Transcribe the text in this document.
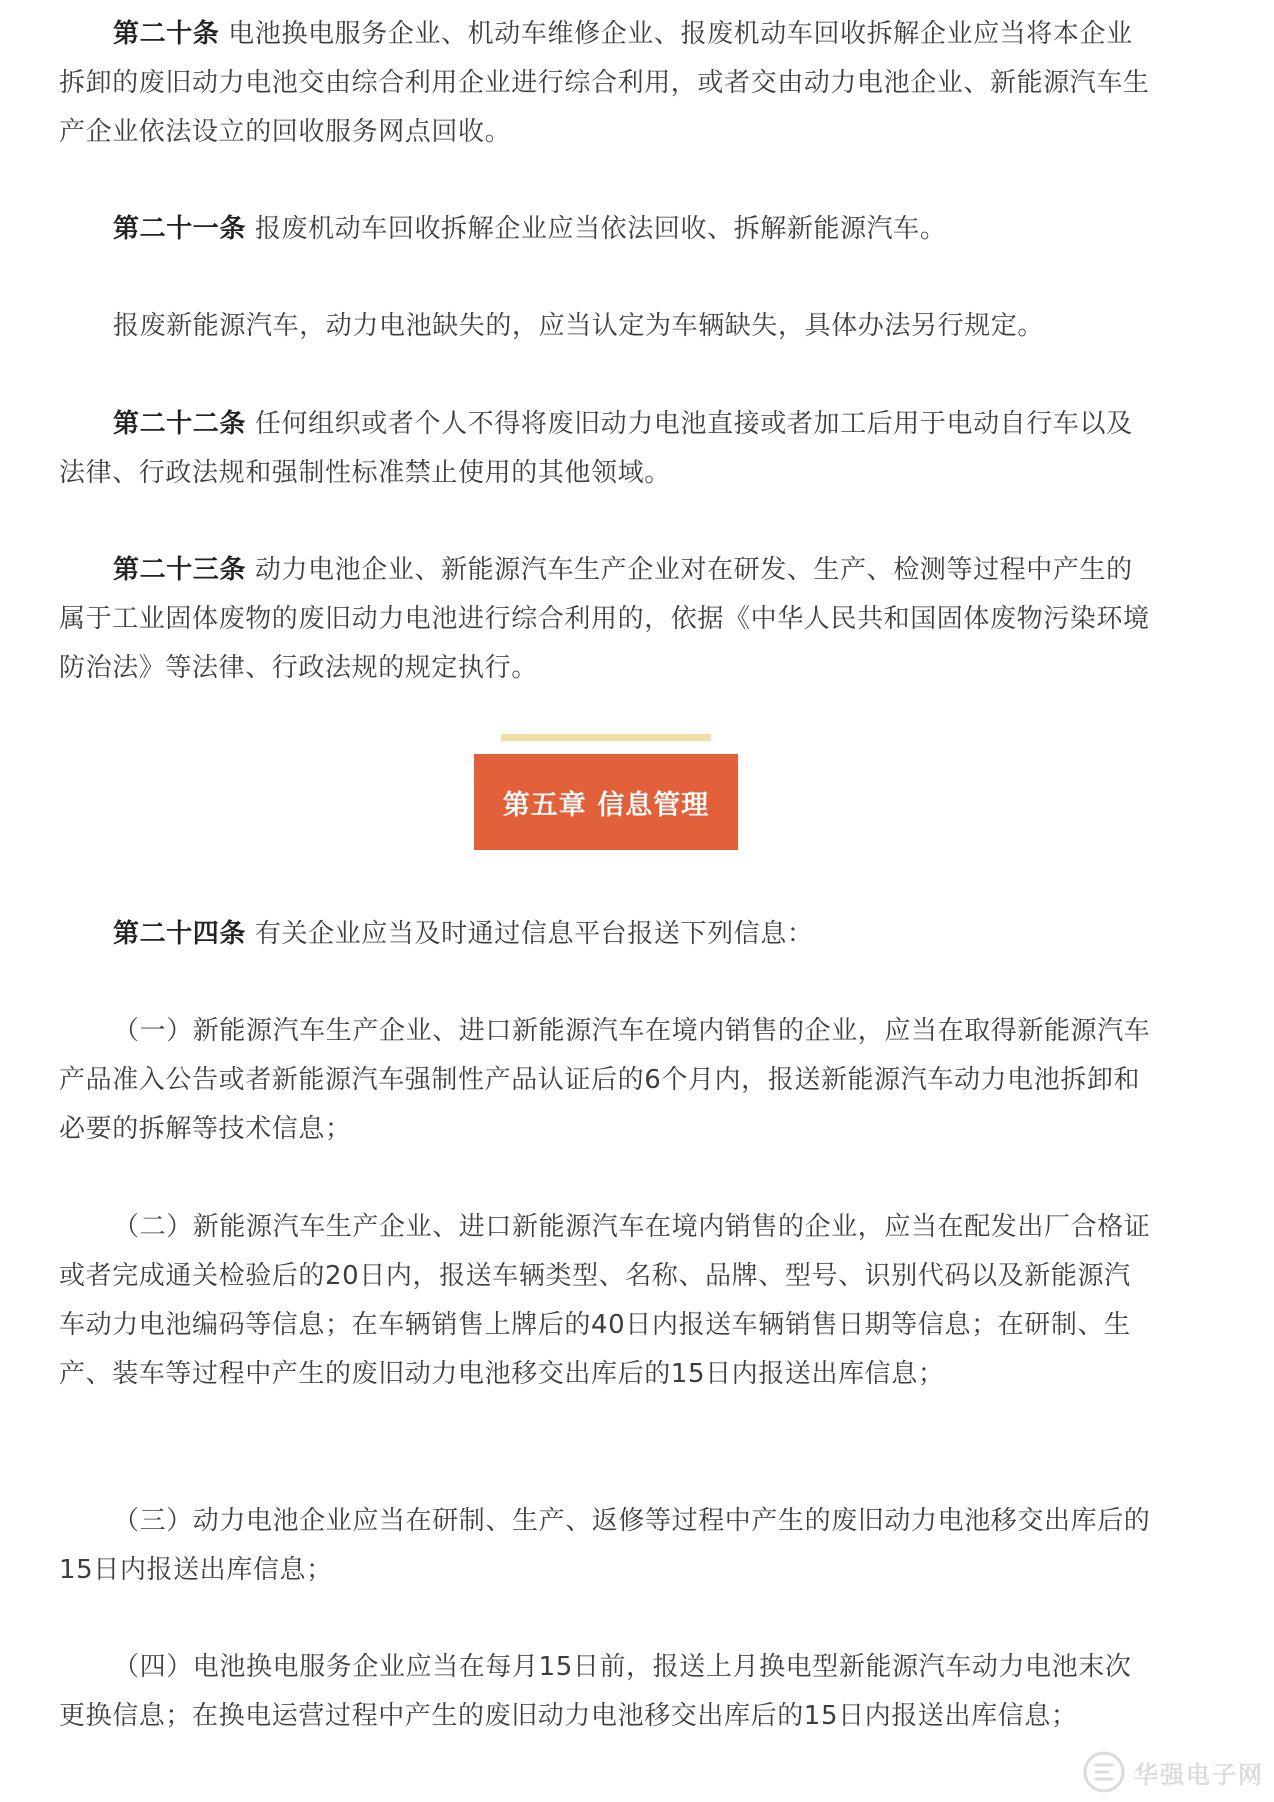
第二十条 电池换电服务企业、机动车维修企业、报废机动车回收拆解企业应当将本企业拆卸的废旧动力电池交由综合利用企业进行综合利用，或者交由动力电池企业、新能源汽车生产企业依法设立的回收服务网点回收。

第二十一条 报废机动车回收拆解企业应当依法回收、拆解新能源汽车。

报废新能源汽车，动力电池缺失的，应当认定为车辆缺失，具体办法另行规定。

第二十二条 任何组织或者个人不得将废旧动力电池直接或者加工后用于电动自行车以及法律、行政法规和强制性标准禁止使用的其他领域。

第二十三条 动力电池企业、新能源汽车生产企业对在研发、生产、检测等过程中产生的属于工业固体废物的废旧动力电池进行综合利用的，依据《中华人民共和国固体废物污染环境防治法》等法律、行政法规的规定执行。

第五章 信息管理

第二十四条 有关企业应当及时通过信息平台报送下列信息：

（一）新能源汽车生产企业、进口新能源汽车在境内销售的企业，应当在取得新能源汽车产品准入公告或者新能源汽车强制性产品认证后的6个月内，报送新能源汽车动力电池拆卸和必要的拆解等技术信息；

（二）新能源汽车生产企业、进口新能源汽车在境内销售的企业，应当在配发出厂合格证或者完成通关检验后的20日内，报送车辆类型、名称、品牌、型号、识别代码以及新能源汽车动力电池编码等信息；在车辆销售上牌后的40日内报送车辆销售日期等信息；在研制、生产、装车等过程中产生的废旧动力电池移交出库后的15日内报送出库信息；

（三）动力电池企业应当在研制、生产、返修等过程中产生的废旧动力电池移交出库后的15日内报送出库信息；

（四）电池换电服务企业应当在每月15日前，报送上月换电型新能源汽车动力电池末次更换信息；在换电运营过程中产生的废旧动力电池移交出库后的15日内报送出库信息；

华强电子网
